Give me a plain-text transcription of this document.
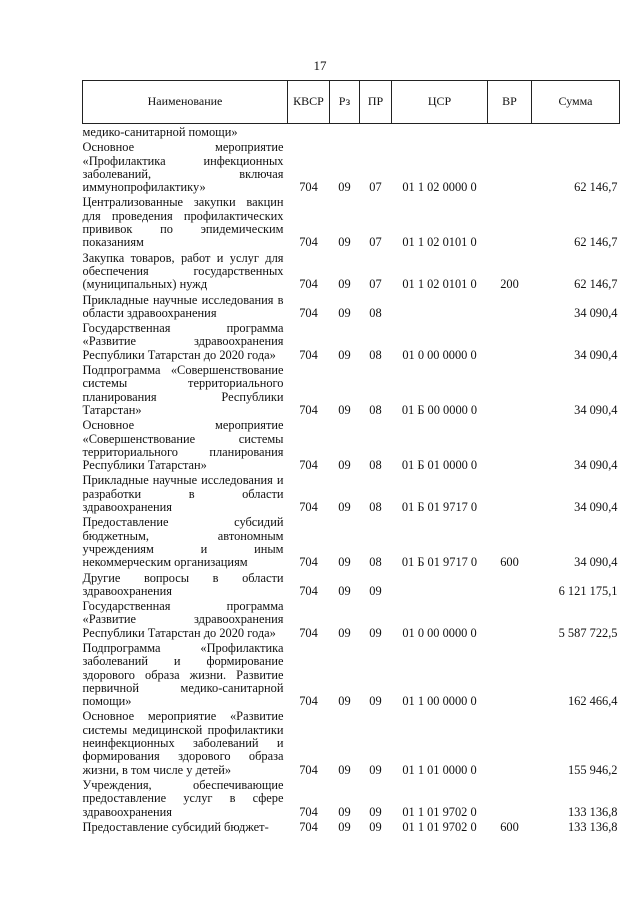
17
Наименование	КВСР	Рз	ПР	ЦСР	ВР	Сумма
медико-санитарной помощи»						
Основное мероприятие «Профилактика инфекционных заболеваний, включая иммунопрофилактику»	704	09	07	01 1 02 0000 0		62 146,7
Централизованные закупки вакцин для проведения профилактических прививок по эпидемическим показаниям	704	09	07	01 1 02 0101 0		62 146,7
Закупка товаров, работ и услуг для обеспечения государственных (муниципальных) нужд	704	09	07	01 1 02 0101 0	200	62 146,7
Прикладные научные исследования в области здравоохранения	704	09	08			34 090,4
Государственная программа «Развитие здравоохранения Республики Татарстан до 2020 года»	704	09	08	01 0 00 0000 0		34 090,4
Подпрограмма «Совершенствование системы территориального планирования Республики Татарстан»	704	09	08	01 Б 00 0000 0		34 090,4
Основное мероприятие «Совершенствование системы территориального планирования Республики Татарстан»	704	09	08	01 Б 01 0000 0		34 090,4
Прикладные научные исследования и разработки в области здравоохранения	704	09	08	01 Б 01 9717 0		34 090,4
Предоставление субсидий бюджетным, автономным учреждениям и иным некоммерческим организациям	704	09	08	01 Б 01 9717 0	600	34 090,4
Другие вопросы в области здравоохранения	704	09	09			6 121 175,1
Государственная программа «Развитие здравоохранения Республики Татарстан до 2020 года»	704	09	09	01 0 00 0000 0		5 587 722,5
Подпрограмма «Профилактика заболеваний и формирование здорового образа жизни. Развитие первичной медико-санитарной помощи»	704	09	09	01 1 00 0000 0		162 466,4
Основное мероприятие «Развитие системы медицинской профилактики неинфекционных заболеваний и формирования здорового образа жизни, в том числе у детей»	704	09	09	01 1 01 0000 0		155 946,2
Учреждения, обеспечивающие предоставление услуг в сфере здравоохранения	704	09	09	01 1 01 9702 0		133 136,8
Предоставление субсидий бюджет-	704	09	09	01 1 01 9702 0	600	133 136,8
